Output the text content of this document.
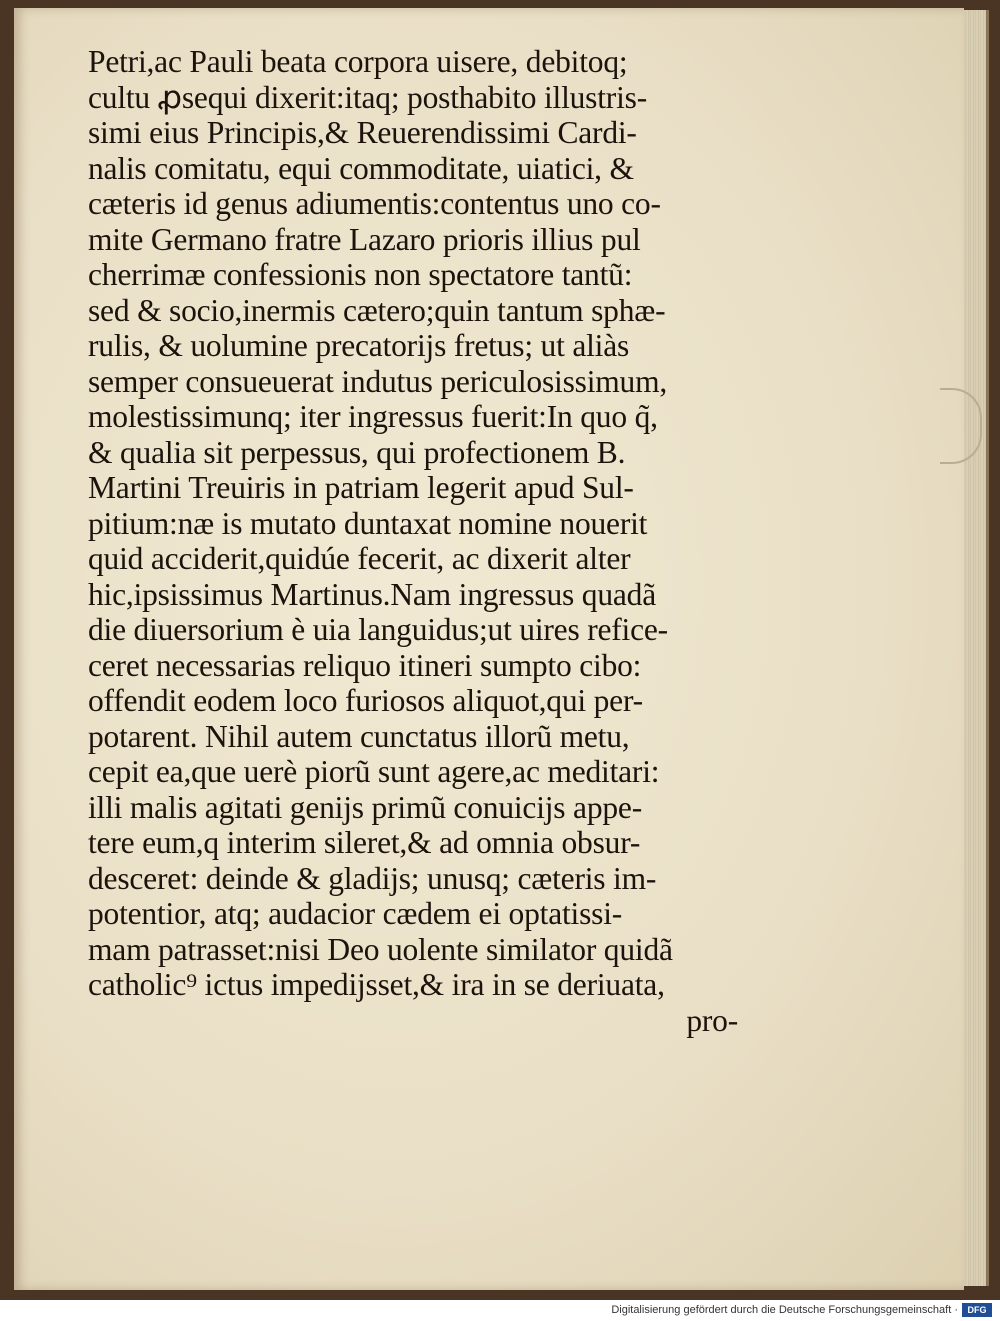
Petri,ac Pauli beata corpora uisere, debitoq;
cultu ꝓsequi dixerit:itaq; posthabito illustris-
simi eius Principis,& Reuerendissimi Cardi-
nalis comitatu, equi commoditate, uiatici, &
cæteris id genus adiumentis:contentus uno co-
mite Germano fratre Lazaro prioris illius pul
cherrimæ confessionis non spectatore tantũ:
sed & socio,inermis cætero;quin tantum sphæ-
rulis, & uolumine precatorijs fretus; ut aliàs
semper consueuerat indutus periculosissimum,
molestissimunq; iter ingressus fuerit:In quo q̃,
& qualia sit perpessus, qui profectionem B.
Martini Treuiris in patriam legerit apud Sul-
pitium:næ is mutato duntaxat nomine nouerit
quid acciderit,quidúe fecerit, ac dixerit alter
hic,ipsissimus Martinus.Nam ingressus quadã
die diuersorium è uia languidus;ut uires refice-
ceret necessarias reliquo itineri sumpto cibo:
offendit eodem loco furiosos aliquot,qui per-
potarent. Nihil autem cunctatus illorũ metu,
cepit ea,que uerè piorũ sunt agere,ac meditari:
illi malis agitati genijs primũ conuicijs appe-
tere eum,q interim sileret,& ad omnia obsur-
desceret: deinde & gladijs; unusq; cæteris im-
potentior, atq; audacior cædem ei optatissi-
mam patrasset:nisi Deo uolente similator quidã
catholic⁹ ictus impedijsset,& ira in se deriuata,
pro-
Digitalisierung gefördert durch die Deutsche Forschungsgemeinschaft ·	DFG
